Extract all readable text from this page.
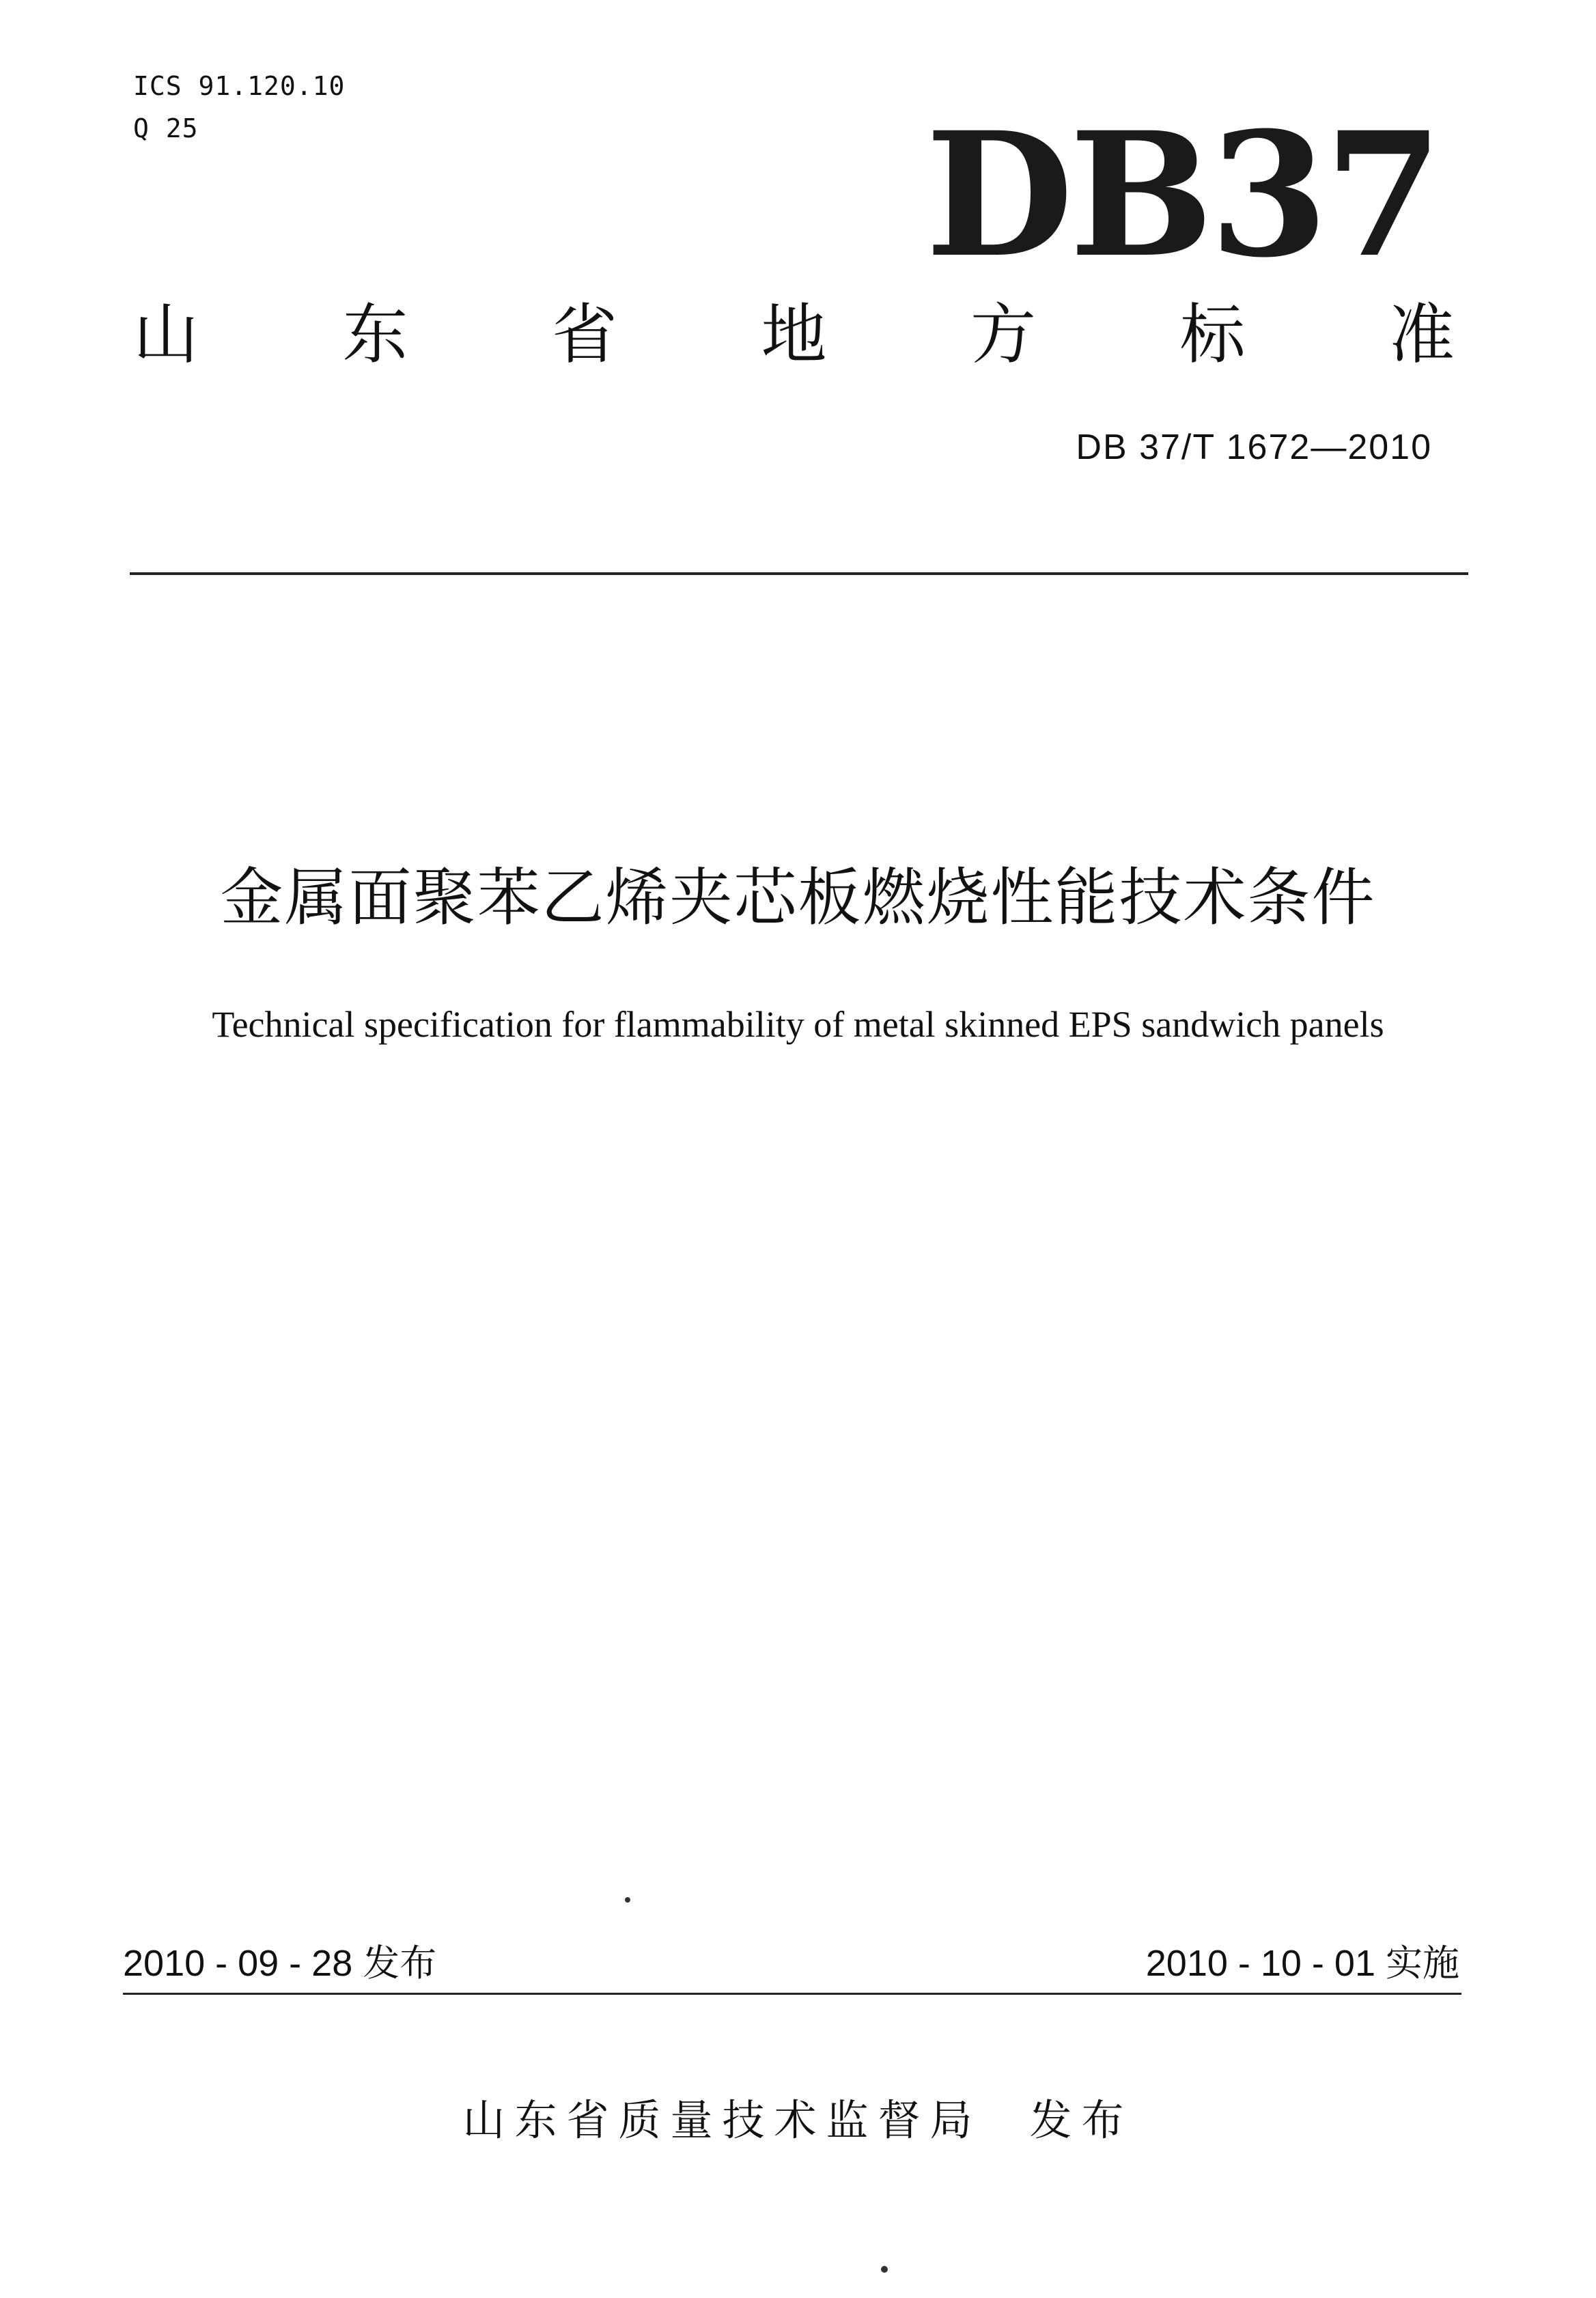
ICS 91.120.10
Q 25	DB37
山 东 省 地 方 标 准
DB 37/T 1672—2010
金属面聚苯乙烯夹芯板燃烧性能技术条件
Technical specification for flammability of metal skinned EPS sandwich panels
2010 - 09 - 28 发布	2010 - 10 - 01 实施
山东省质量技术监督局 发布
